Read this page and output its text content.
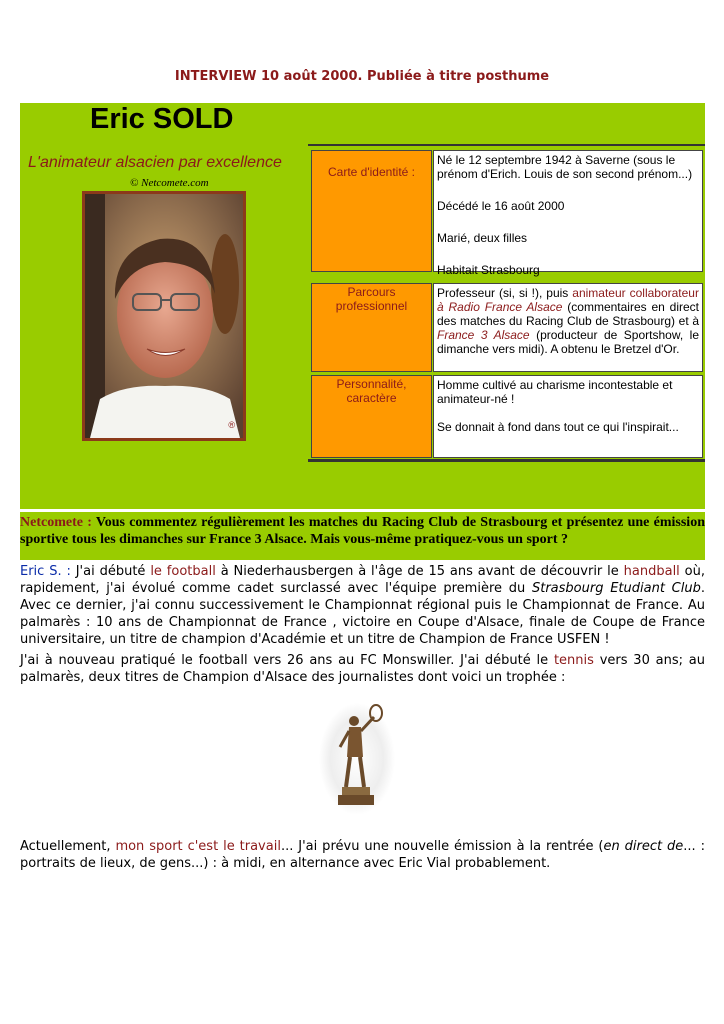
INTERVIEW 10 août 2000. Publiée à titre posthume
Eric SOLD
L'animateur alsacien par excellence
© Netcomete.com
®
Carte d'identité :

Né le 12 septembre 1942 à Saverne (sous le prénom d'Erich. Louis de son second prénom...)

Décédé le 16 août 2000

Marié, deux filles

Habitait Strasbourg

Parcours professionnel

Professeur (si, si !), puis animateur collaborateur à Radio France Alsace (commentaires en direct des matches du Racing Club de Strasbourg) et à France 3 Alsace (producteur de Sportshow, le dimanche vers midi). A obtenu le Bretzel d'Or.

Personnalité, caractère

Homme cultivé au charisme incontestable et animateur-né !

Se donnait à fond dans tout ce qui l'inspirait...

Netcomete : Vous commentez régulièrement les matches du Racing Club de Strasbourg et présentez une émission sportive tous les dimanches sur France 3 Alsace. Mais vous-même pratiquez-vous un sport ?
Eric S. : J'ai débuté le football à Niederhausbergen à l'âge de 15 ans avant de découvrir le handball où, rapidement, j'ai évolué comme cadet surclassé avec l'équipe première du Strasbourg Etudiant Club. Avec ce dernier, j'ai connu successivement le Championnat régional puis le Championnat de France. Au palmarès : 10 ans de Championnat de France , victoire en Coupe d'Alsace, finale de Coupe de France universitaire, un titre de champion d'Académie et un titre de Champion de France USFEN !
J'ai à nouveau pratiqué le football vers 26 ans au FC Monswiller. J'ai débuté le tennis vers 30 ans; au palmarès, deux titres de Champion d'Alsace des journalistes dont voici un trophée :
Actuellement, mon sport c'est le travail... J'ai prévu une nouvelle émission à la rentrée (en direct de... : portraits de lieux, de gens...) : à midi, en alternance avec Eric Vial probablement.
